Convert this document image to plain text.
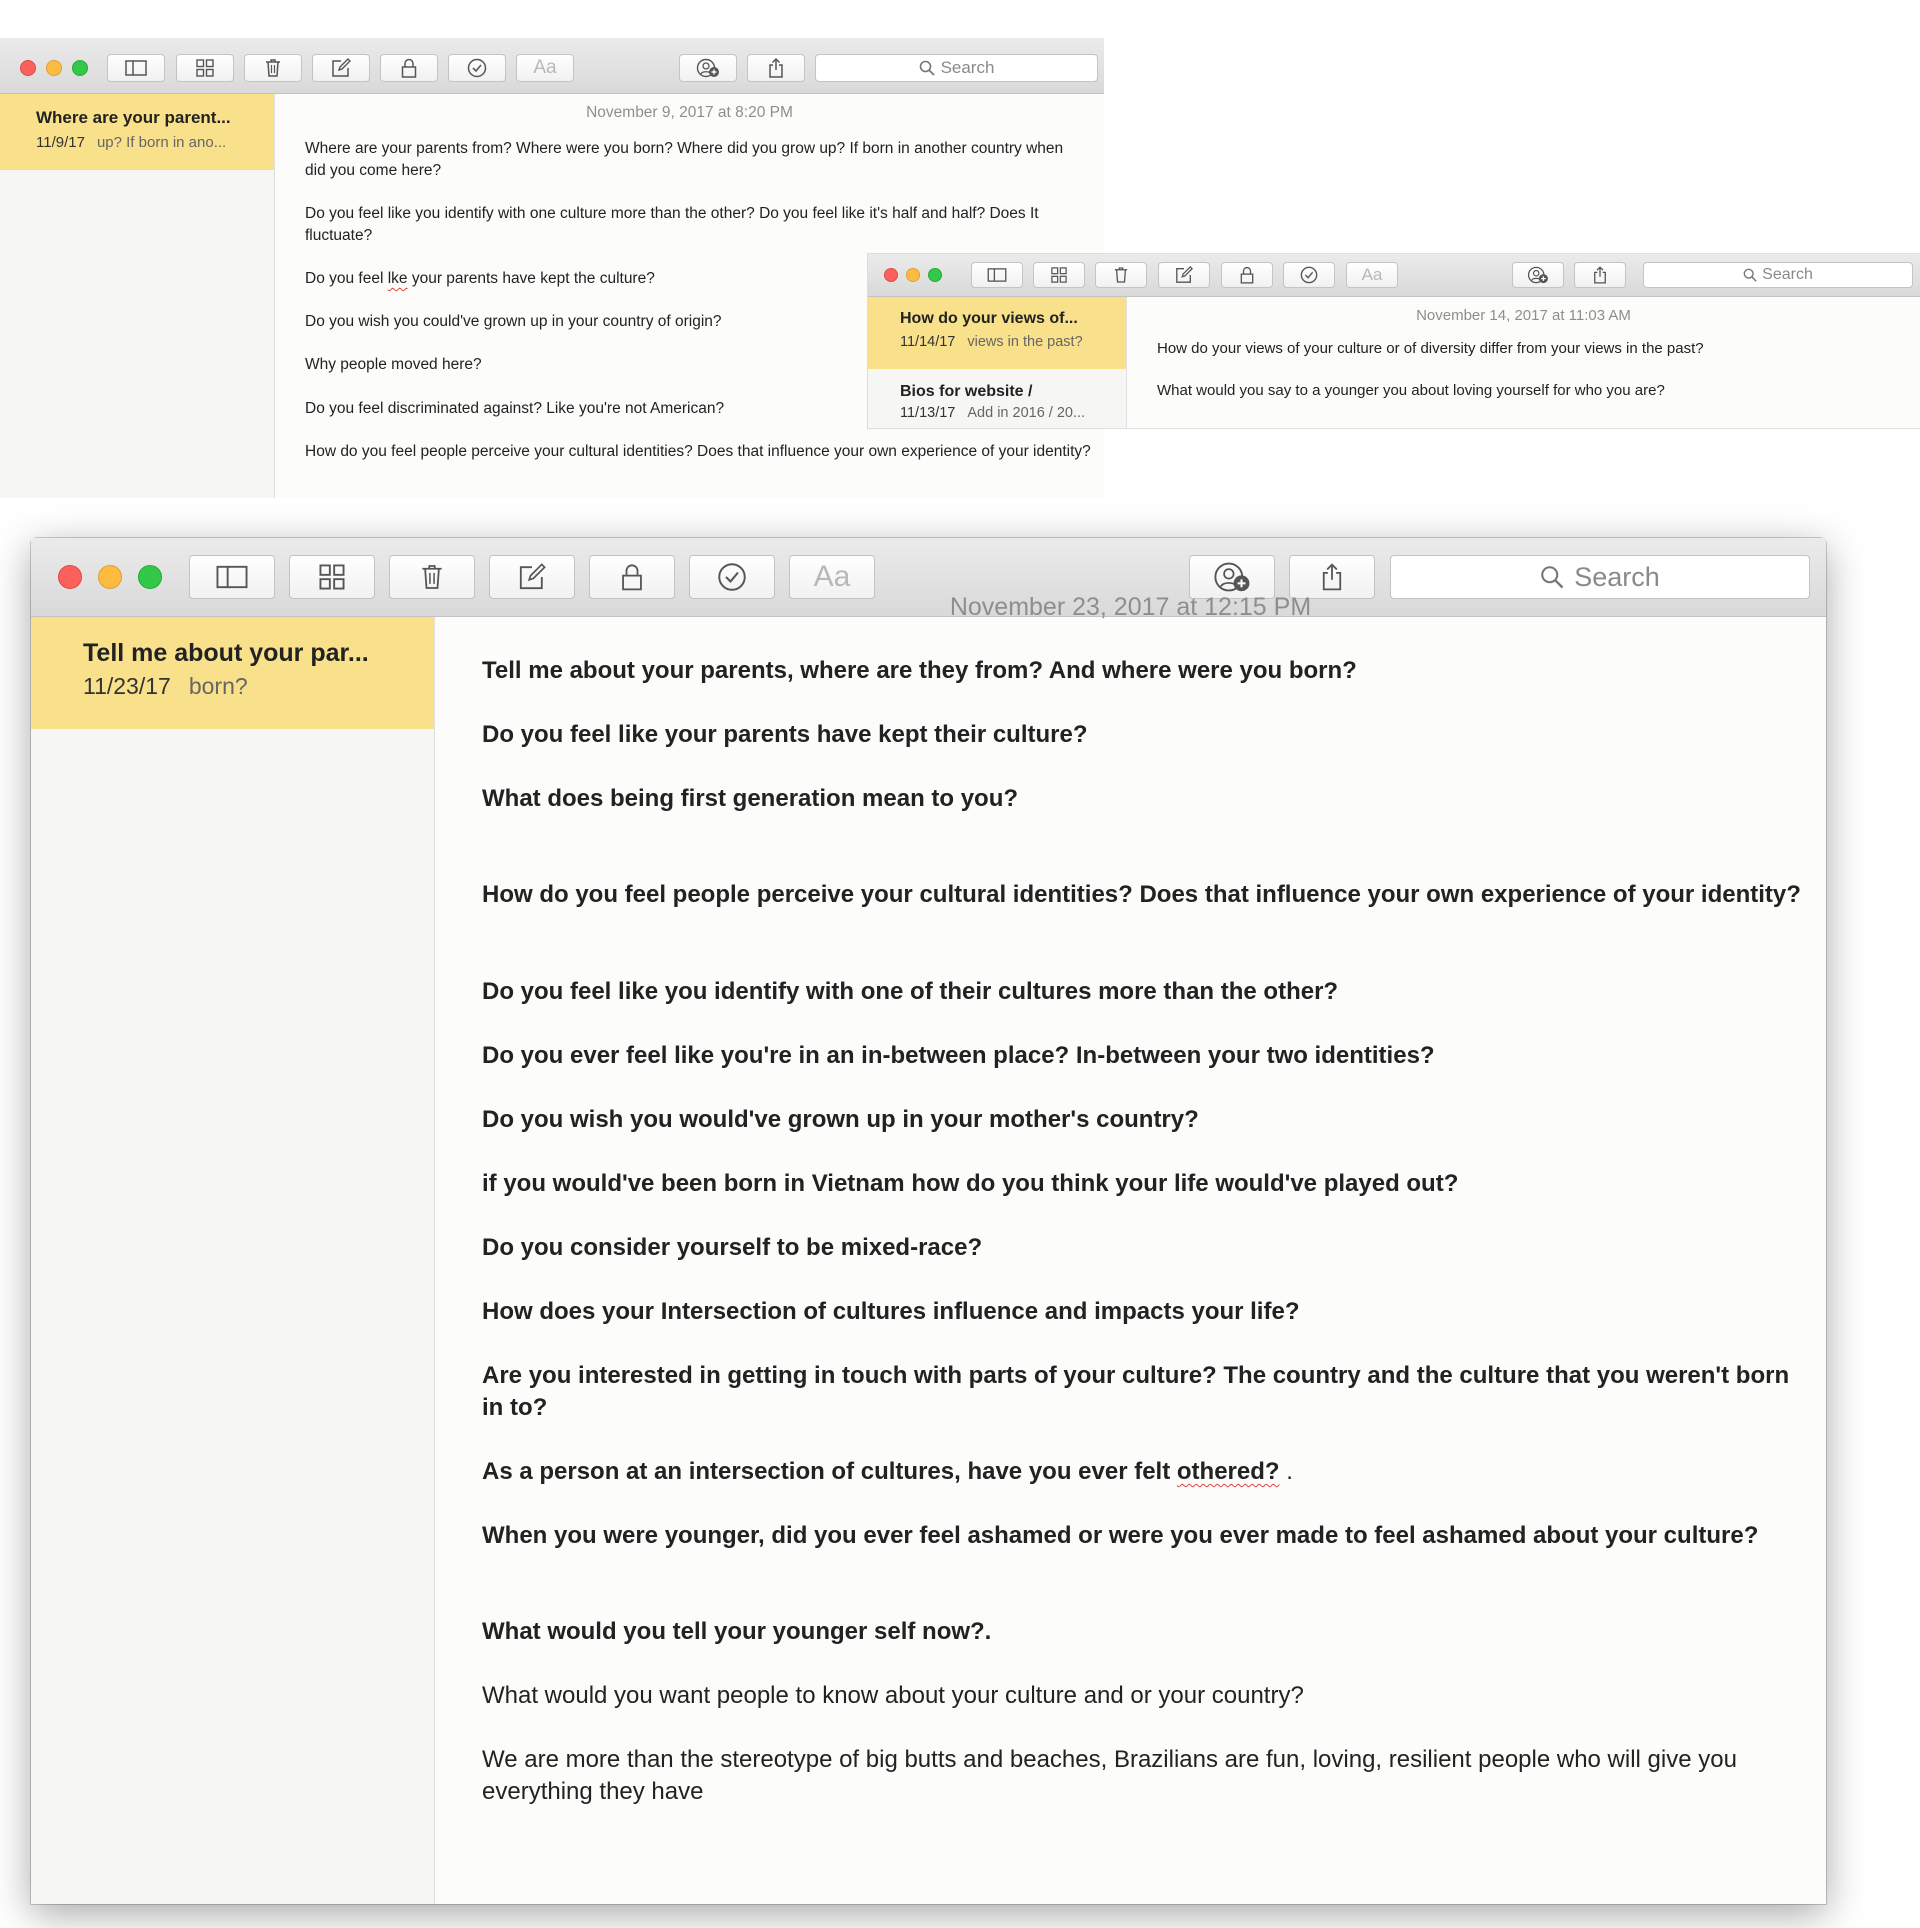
Aa	Search
Where are your parent...
11/9/17 up? If born in ano...
November 9, 2017 at 8:20 PM
Where are your parents from? Where were you born? Where did you grow up? If born in another country when did you come here?
Do you feel like you identify with one culture more than the other? Do you feel like it's half and half? Does It fluctuate?
Do you feel lke your parents have kept the culture?
Do you wish you could've grown up in your country of origin?
Why people moved here?
Do you feel discriminated against? Like you're not American?
How do you feel people perceive your cultural identities? Does that influence your own experience of your identity?
Aa	Search
How do your views of...
11/14/17 views in the past?
Bios for website /
11/13/17 Add in 2016 / 20...
November 14, 2017 at 11:03 AM
How do your views of your culture or of diversity differ from your views in the past?
What would you say to a younger you about loving yourself for who you are?
Aa	Search
Tell me about your par...
11/23/17 born?
November 23, 2017 at 12:15 PM
Tell me about your parents, where are they from? And where were you born?
Do you feel like your parents have kept their culture?
What does being first generation mean to you?
How do you feel people perceive your cultural identities? Does that influence your own experience of your identity?
Do you feel like you identify with one of their cultures more than the other?
Do you ever feel like you're in an in-between place? In-between your two identities?
Do you wish you would've grown up in your mother's country?
if you would've been born in Vietnam how do you think your life would've played out?
Do you consider yourself to be mixed-race?
How does your Intersection of cultures influence and impacts your life?
Are you interested in getting in touch with parts of your culture? The country and the culture that you weren't born in to?
As a person at an intersection of cultures, have you ever felt othered? .
When you were younger, did you ever feel ashamed or were you ever made to feel ashamed about your culture?
What would you tell your younger self now?.
What would you want people to know about your culture and or your country?
We are more than the stereotype of big butts and beaches, Brazilians are fun, loving, resilient people who will give you everything they have
